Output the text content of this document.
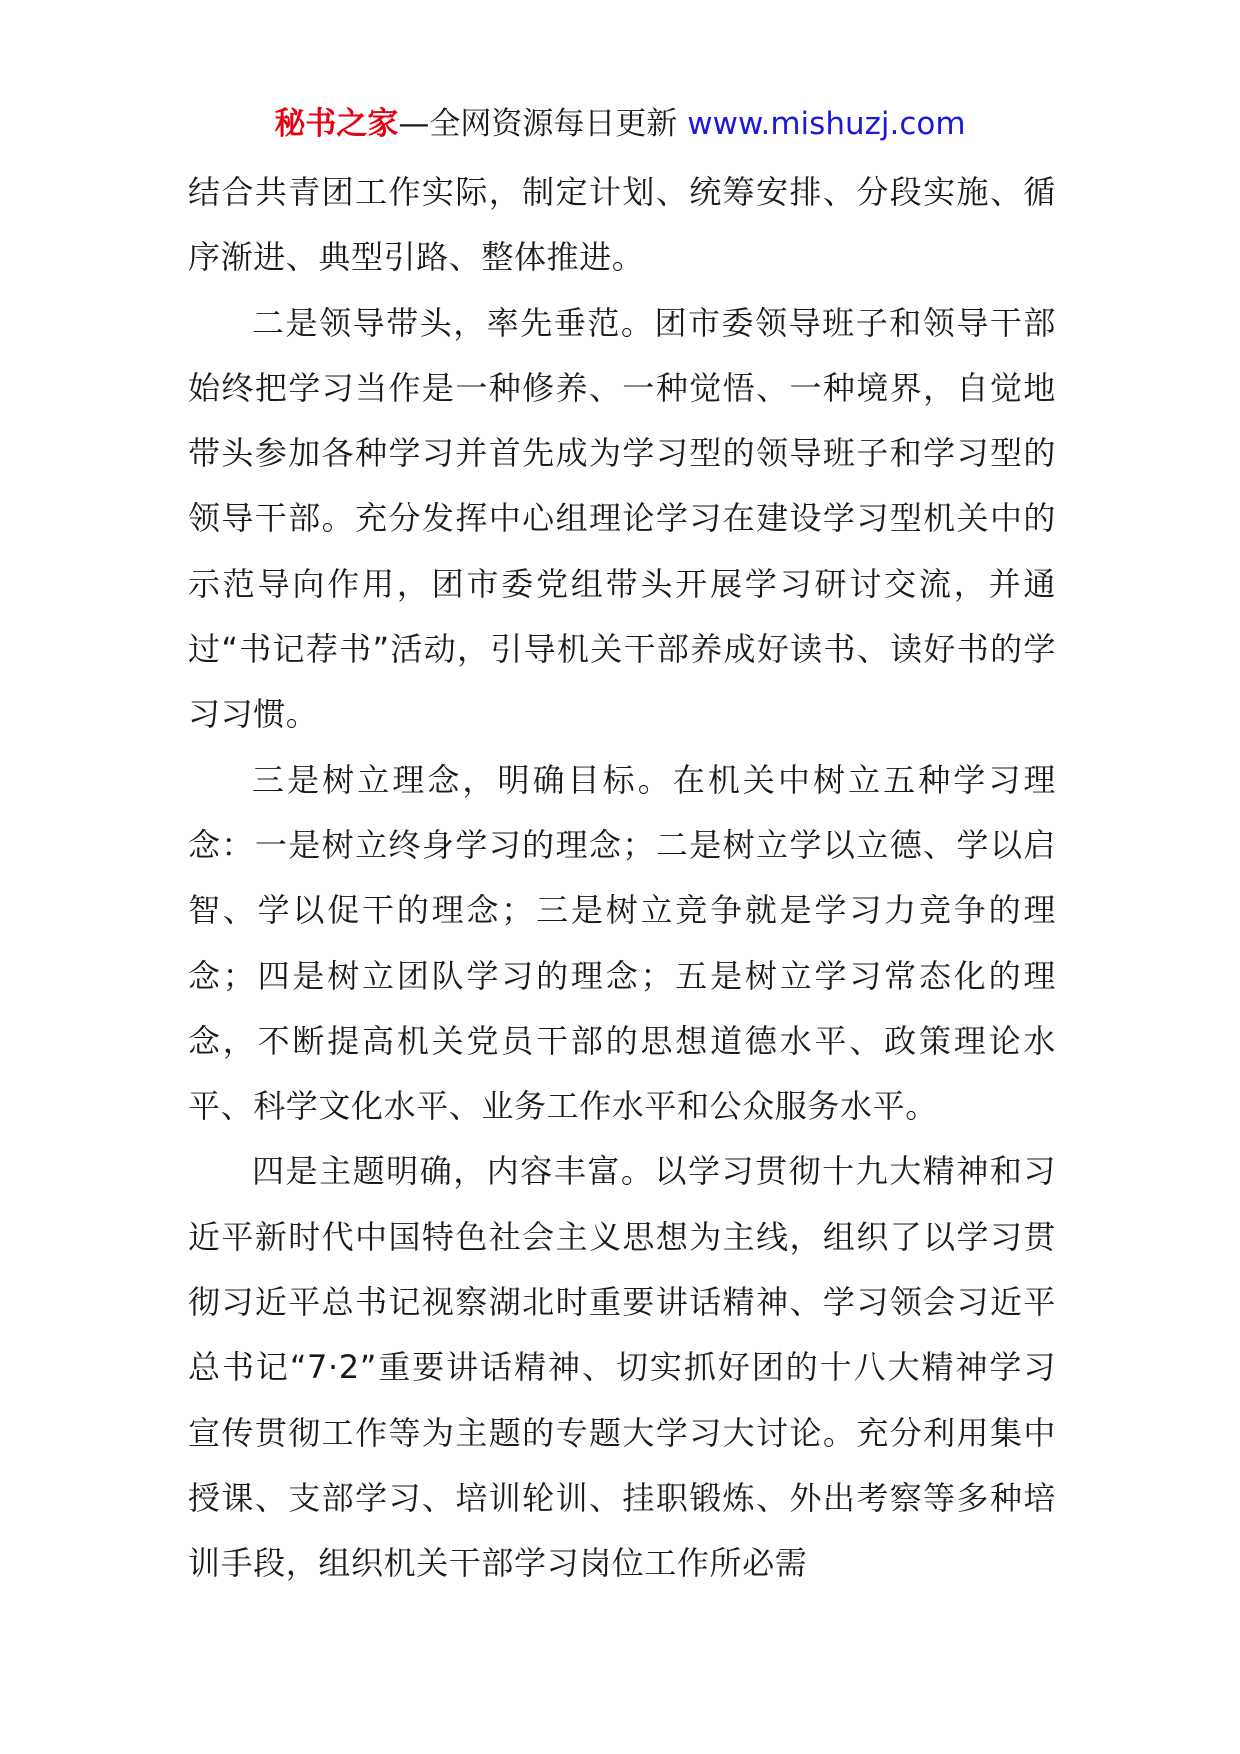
秘书之家—全网资源每日更新 www.mishuzj.com

结合共青团工作实际，制定计划、统筹安排、分段实施、循序渐进、典型引路、整体推进。

二是领导带头，率先垂范。团市委领导班子和领导干部始终把学习当作是一种修养、一种觉悟、一种境界，自觉地带头参加各种学习并首先成为学习型的领导班子和学习型的领导干部。充分发挥中心组理论学习在建设学习型机关中的示范导向作用，团市委党组带头开展学习研讨交流，并通过“书记荐书”活动，引导机关干部养成好读书、读好书的学习习惯。

三是树立理念，明确目标。在机关中树立五种学习理念：一是树立终身学习的理念；二是树立学以立德、学以启智、学以促干的理念；三是树立竞争就是学习力竞争的理念；四是树立团队学习的理念；五是树立学习常态化的理念，不断提高机关党员干部的思想道德水平、政策理论水平、科学文化水平、业务工作水平和公众服务水平。

四是主题明确，内容丰富。以学习贯彻十九大精神和习近平新时代中国特色社会主义思想为主线，组织了以学习贯彻习近平总书记视察湖北时重要讲话精神、学习领会习近平总书记“7·2”重要讲话精神、切实抓好团的十八大精神学习宣传贯彻工作等为主题的专题大学习大讨论。充分利用集中授课、支部学习、培训轮训、挂职锻炼、外出考察等多种培训手段，组织机关干部学习岗位工作所必需
